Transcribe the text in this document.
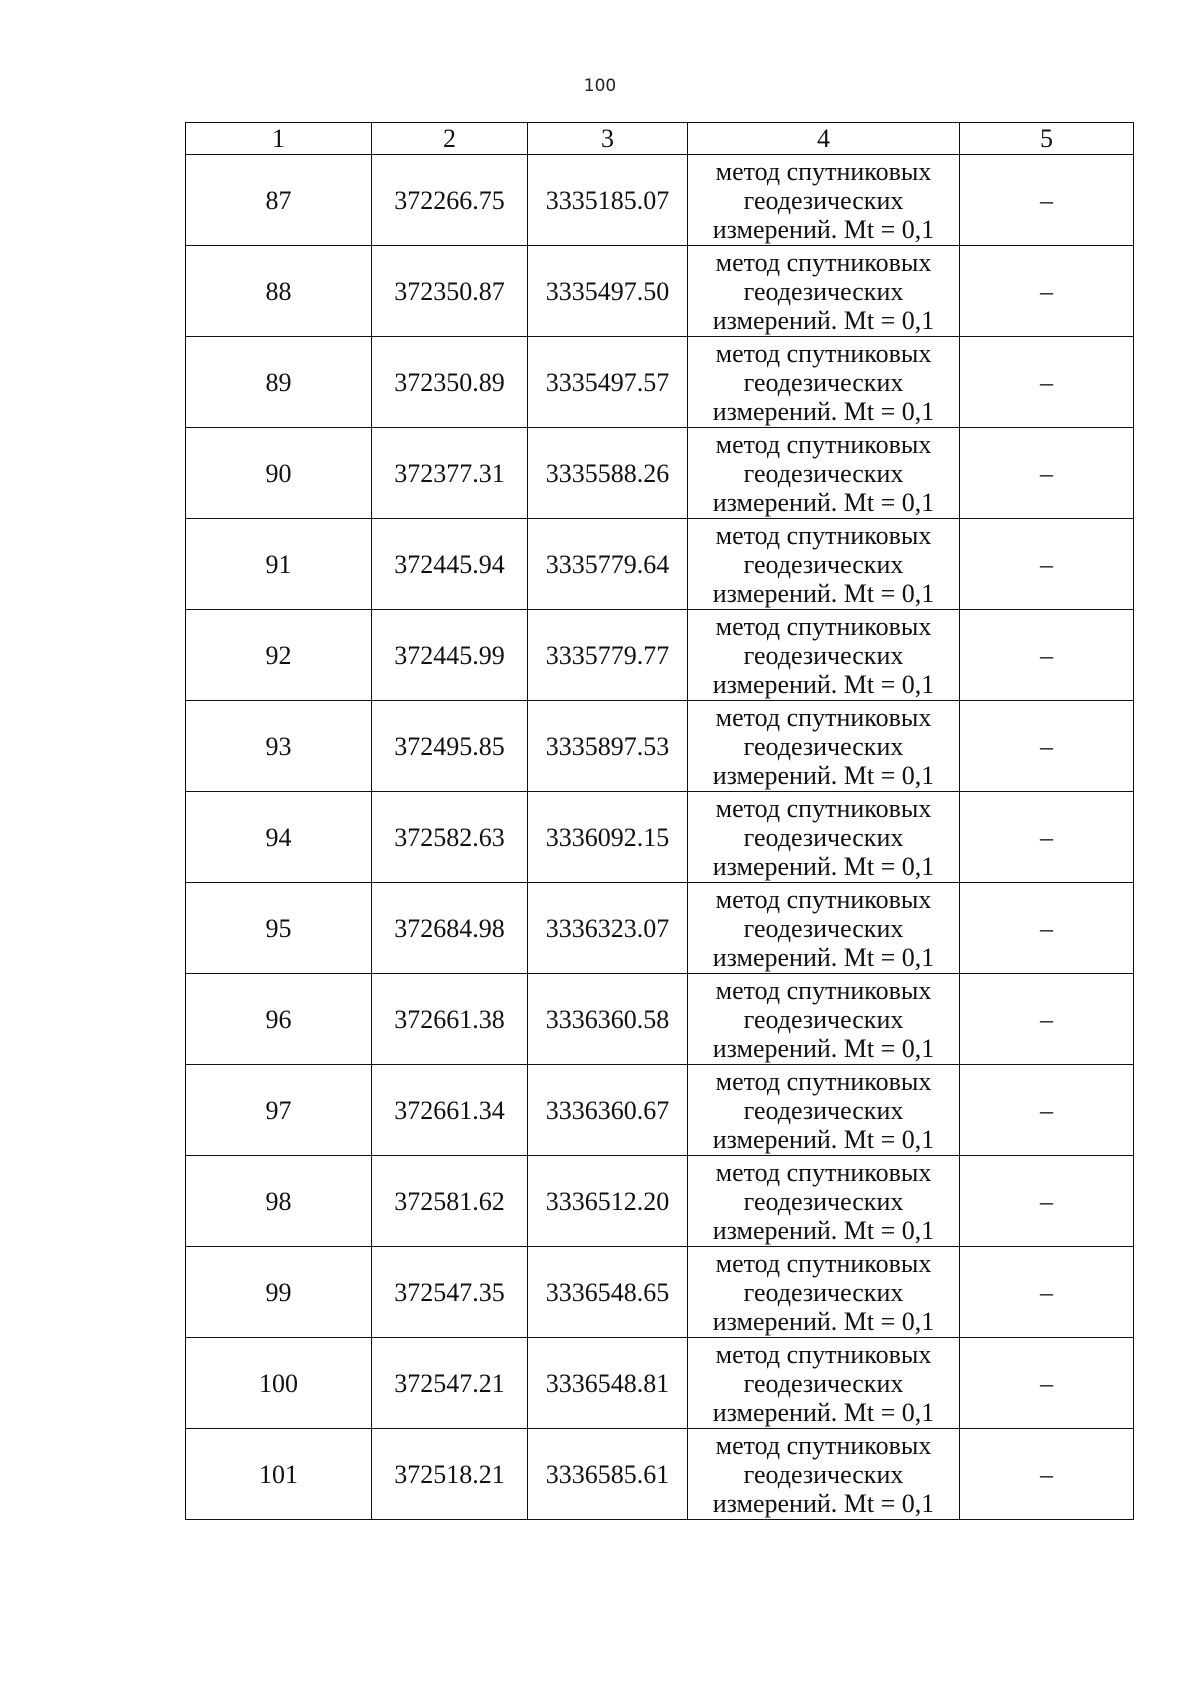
100
1	2	3	4	5
87	372266.75	3335185.07	метод спутниковых
геодезических
измерений. Mt = 0,1	–
88	372350.87	3335497.50	метод спутниковых
геодезических
измерений. Mt = 0,1	–
89	372350.89	3335497.57	метод спутниковых
геодезических
измерений. Mt = 0,1	–
90	372377.31	3335588.26	метод спутниковых
геодезических
измерений. Mt = 0,1	–
91	372445.94	3335779.64	метод спутниковых
геодезических
измерений. Mt = 0,1	–
92	372445.99	3335779.77	метод спутниковых
геодезических
измерений. Mt = 0,1	–
93	372495.85	3335897.53	метод спутниковых
геодезических
измерений. Mt = 0,1	–
94	372582.63	3336092.15	метод спутниковых
геодезических
измерений. Mt = 0,1	–
95	372684.98	3336323.07	метод спутниковых
геодезических
измерений. Mt = 0,1	–
96	372661.38	3336360.58	метод спутниковых
геодезических
измерений. Mt = 0,1	–
97	372661.34	3336360.67	метод спутниковых
геодезических
измерений. Mt = 0,1	–
98	372581.62	3336512.20	метод спутниковых
геодезических
измерений. Mt = 0,1	–
99	372547.35	3336548.65	метод спутниковых
геодезических
измерений. Mt = 0,1	–
100	372547.21	3336548.81	метод спутниковых
геодезических
измерений. Mt = 0,1	–
101	372518.21	3336585.61	метод спутниковых
геодезических
измерений. Mt = 0,1	–
